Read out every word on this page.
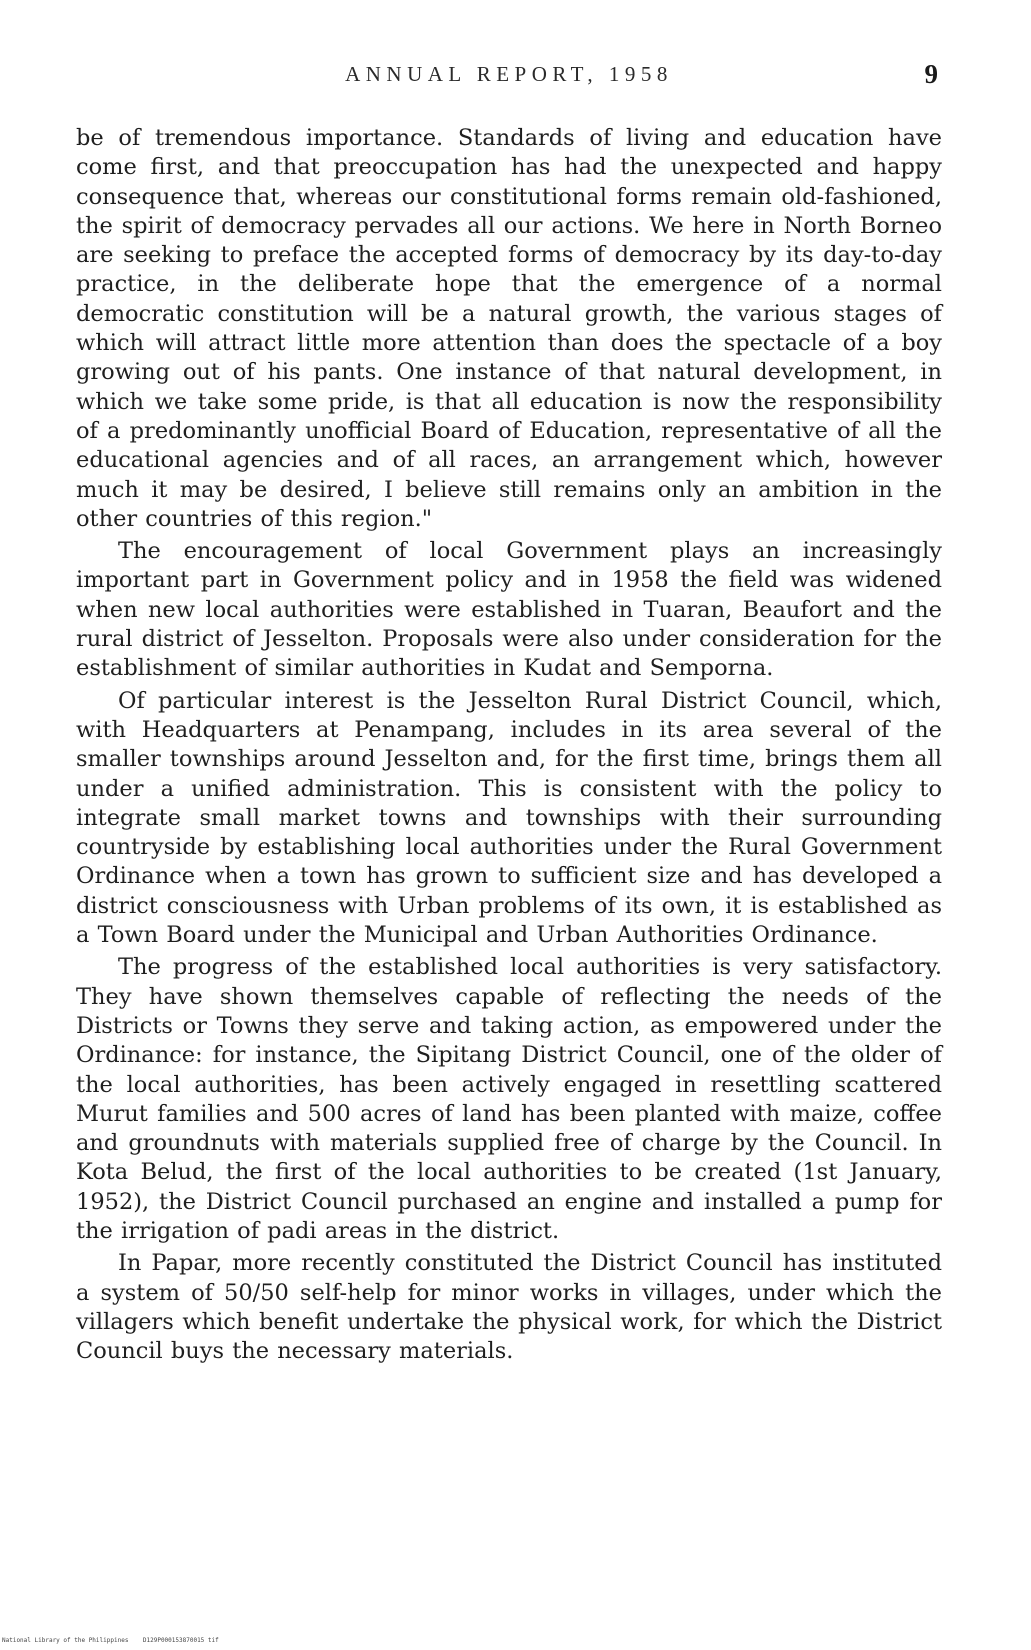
ANNUAL REPORT, 1958	9

be of tremendous importance. Standards of living and education have come first, and that preoccupation has had the unexpected and happy consequence that, whereas our constitutional forms remain old-fashioned, the spirit of democracy pervades all our actions. We here in North Borneo are seeking to preface the accepted forms of democracy by its day-to-day practice, in the deliberate hope that the emergence of a normal democratic constitution will be a natural growth, the various stages of which will attract little more attention than does the spectacle of a boy growing out of his pants. One instance of that natural development, in which we take some pride, is that all education is now the responsibility of a predominantly unofficial Board of Education, representative of all the educational agencies and of all races, an arrangement which, however much it may be desired, I believe still remains only an ambition in the other countries of this region."

The encouragement of local Government plays an increasingly important part in Government policy and in 1958 the field was widened when new local authorities were established in Tuaran, Beaufort and the rural district of Jesselton. Proposals were also under consideration for the establishment of similar authorities in Kudat and Semporna.

Of particular interest is the Jesselton Rural District Council, which, with Headquarters at Penampang, includes in its area several of the smaller townships around Jesselton and, for the first time, brings them all under a unified administration. This is consistent with the policy to integrate small market towns and townships with their surrounding countryside by establishing local authorities under the Rural Government Ordinance when a town has grown to sufficient size and has developed a district consciousness with Urban problems of its own, it is established as a Town Board under the Municipal and Urban Authorities Ordinance.

The progress of the established local authorities is very satisfactory. They have shown themselves capable of reflecting the needs of the Districts or Towns they serve and taking action, as empowered under the Ordinance: for instance, the Sipitang District Council, one of the older of the local authorities, has been actively engaged in resettling scattered Murut families and 500 acres of land has been planted with maize, coffee and groundnuts with materials supplied free of charge by the Council. In Kota Belud, the first of the local authorities to be created (1st January, 1952), the District Council purchased an engine and installed a pump for the irrigation of padi areas in the district.

In Papar, more recently constituted the District Council has instituted a system of 50/50 self-help for minor works in villages, under which the villagers which benefit undertake the physical work, for which the District Council buys the necessary materials.

National Library of the Philippines    D129P000153870015 tif
